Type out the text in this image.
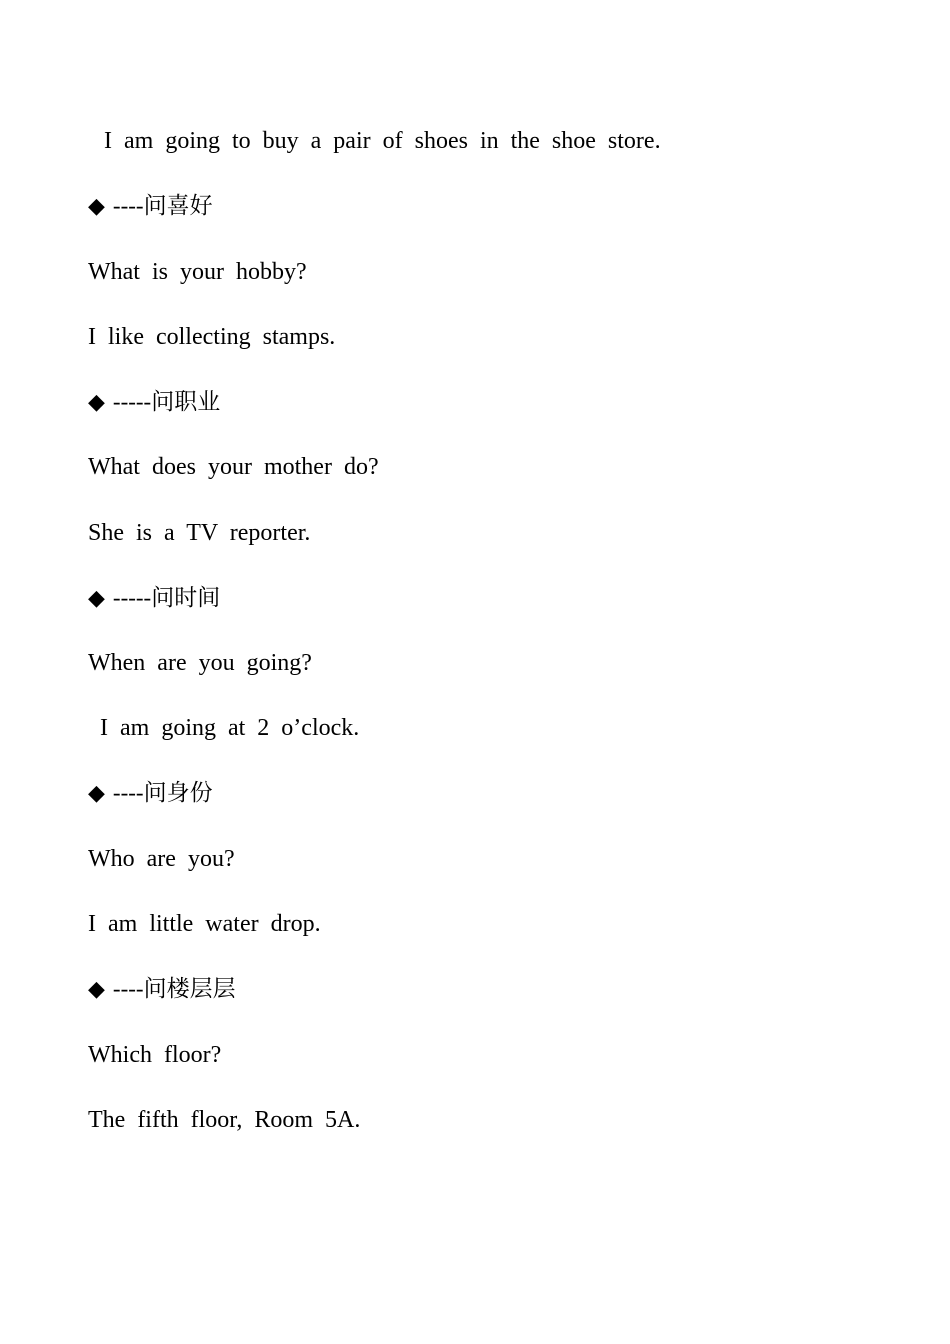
I am going to buy a pair of shoes in the shoe store.
◆ ----问喜好
What is your hobby?
I like collecting stamps.
◆ -----问职业
What does your mother do?
She is a TV reporter.
◆ -----问时间
When are you going?
I am going at 2 o’clock.
◆ ----问身份
Who are you?
I am little water drop.
◆ ----问楼层层
Which floor?
The fifth floor, Room 5A.
